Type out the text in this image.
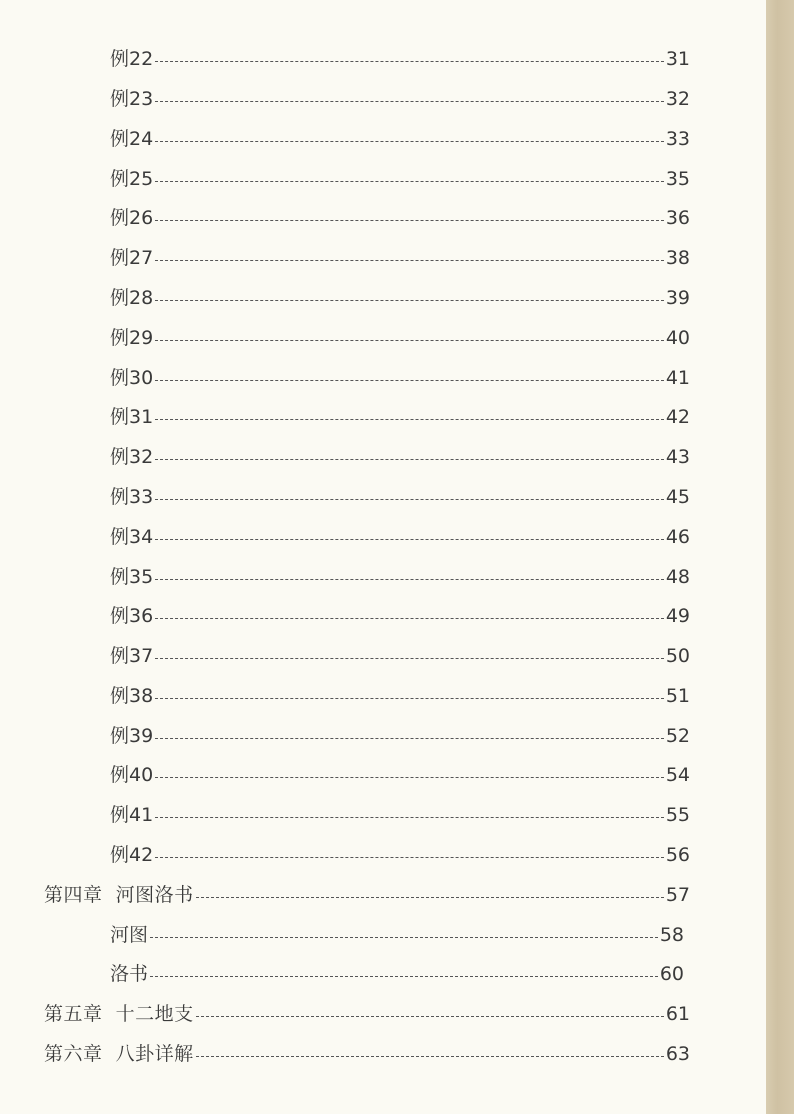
例22	31
例23	32
例24	33
例25	35
例26	36
例27	38
例28	39
例29	40
例30	41
例31	42
例32	43
例33	45
例34	46
例35	48
例36	49
例37	50
例38	51
例39	52
例40	54
例41	55
例42	56
第四章  河图洛书	57
河图	58
洛书	60
第五章  十二地支	61
第六章  八卦详解	63
